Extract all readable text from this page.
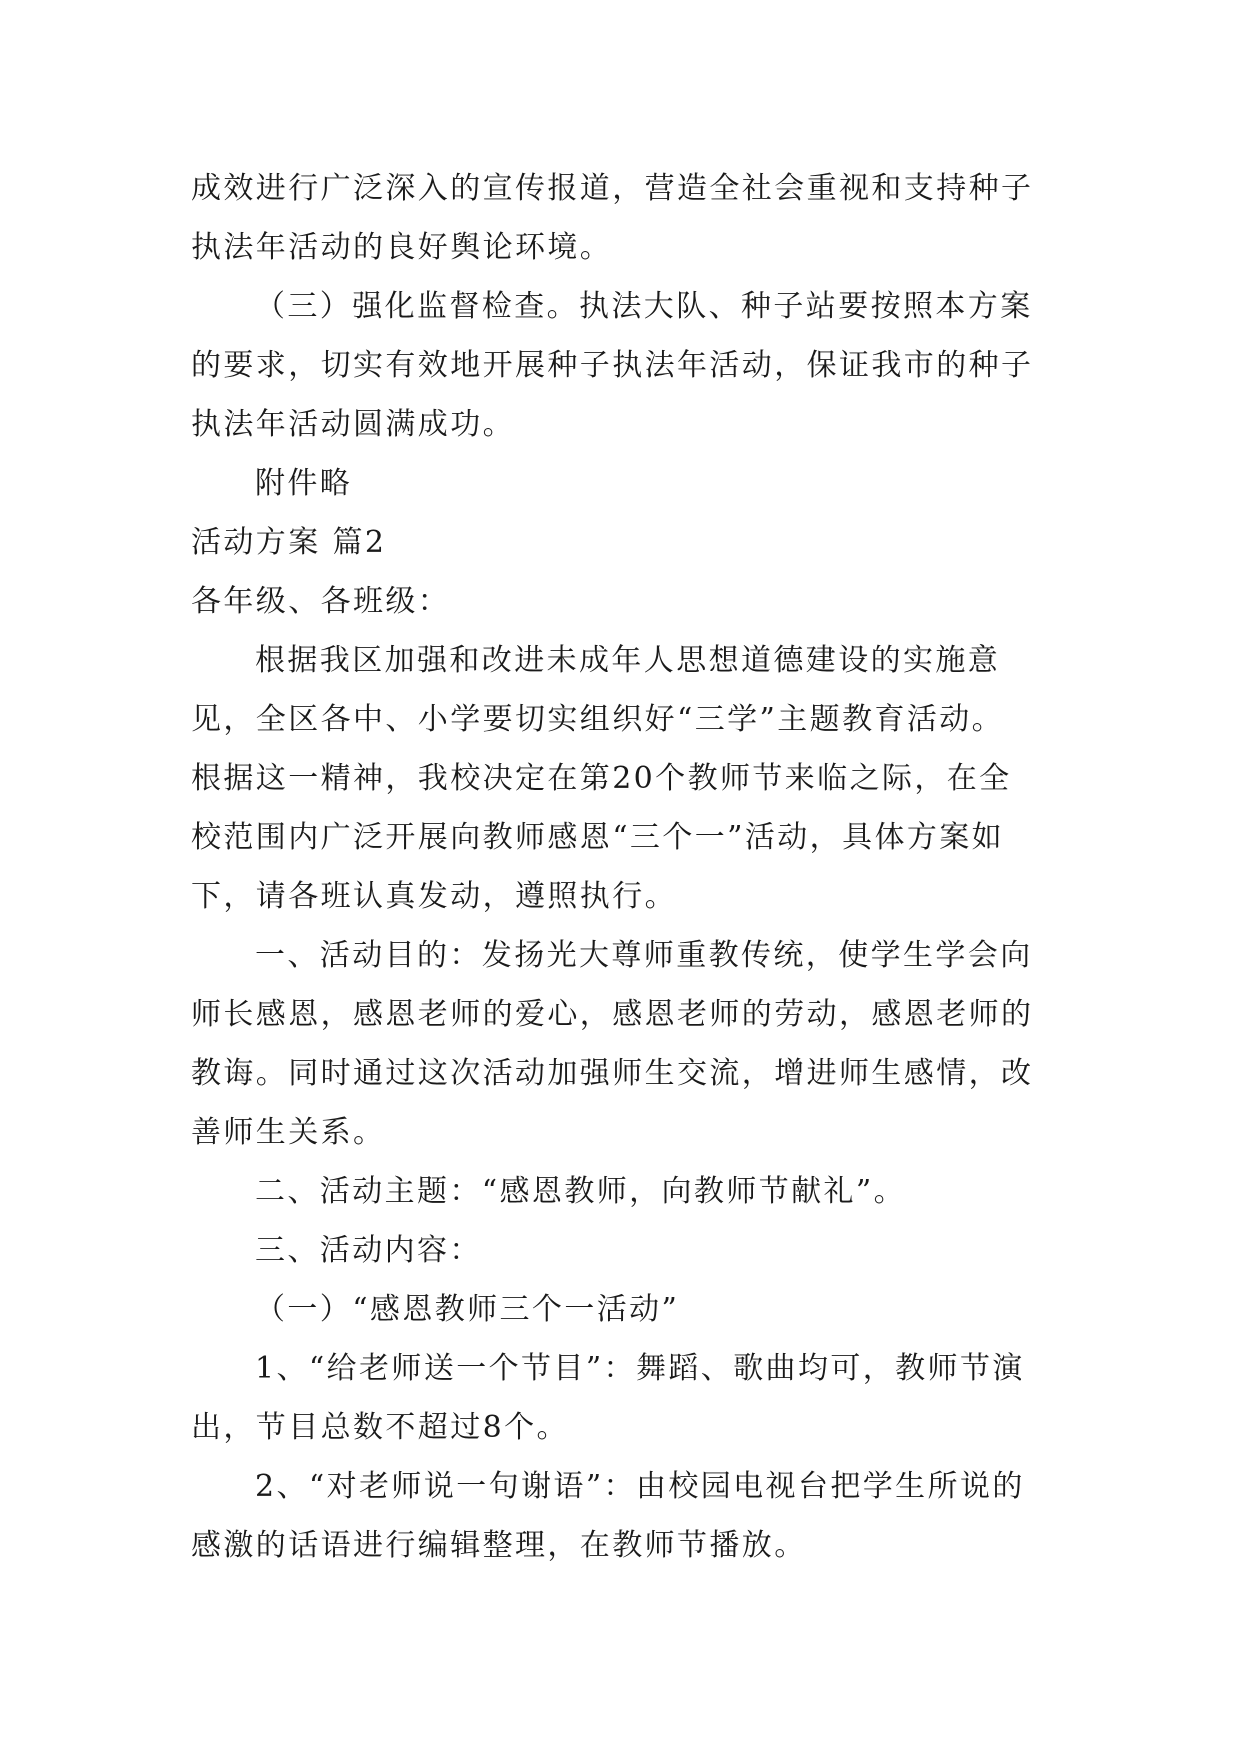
成效进行广泛深入的宣传报道，营造全社会重视和支持种子

执法年活动的良好舆论环境。

（三）强化监督检查。执法大队、种子站要按照本方案

的要求，切实有效地开展种子执法年活动，保证我市的种子

执法年活动圆满成功。

附件略

活动方案 篇2

各年级、各班级：

根据我区加强和改进未成年人思想道德建设的实施意

见，全区各中、小学要切实组织好“三学”主题教育活动。

根据这一精神，我校决定在第20个教师节来临之际，在全

校范围内广泛开展向教师感恩“三个一”活动，具体方案如

下，请各班认真发动，遵照执行。

一、活动目的：发扬光大尊师重教传统，使学生学会向

师长感恩，感恩老师的爱心，感恩老师的劳动，感恩老师的

教诲。同时通过这次活动加强师生交流，增进师生感情，改

善师生关系。

二、活动主题：“感恩教师，向教师节献礼”。

三、活动内容：

（一）“感恩教师三个一活动”

1、“给老师送一个节目”：舞蹈、歌曲均可，教师节演

出，节目总数不超过8个。

2、“对老师说一句谢语”：由校园电视台把学生所说的

感激的话语进行编辑整理，在教师节播放。
